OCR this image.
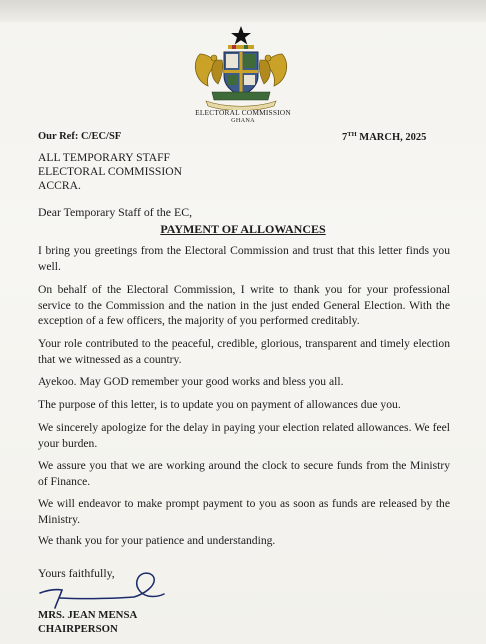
ELECTORAL COMMISSION
GHANA
Our Ref: C/EC/SF	7TH MARCH, 2025
ALL TEMPORARY STAFF
ELECTORAL COMMISSION
ACCRA.
Dear Temporary Staff of the EC,
PAYMENT OF ALLOWANCES
I bring you greetings from the Electoral Commission and trust that this letter finds you well.
On behalf of the Electoral Commission, I write to thank you for your professional service to the Commission and the nation in the just ended General Election. With the exception of a few officers, the majority of you performed creditably.
Your role contributed to the peaceful, credible, glorious, transparent and timely election that we witnessed as a country.
Ayekoo. May GOD remember your good works and bless you all.
The purpose of this letter, is to update you on payment of allowances due you.
We sincerely apologize for the delay in paying your election related allowances. We feel your burden.
We assure you that we are working around the clock to secure funds from the Ministry of Finance.
We will endeavor to make prompt payment to you as soon as funds are released by the Ministry.
We thank you for your patience and understanding.
Yours faithfully,
MRS. JEAN MENSA
CHAIRPERSON
